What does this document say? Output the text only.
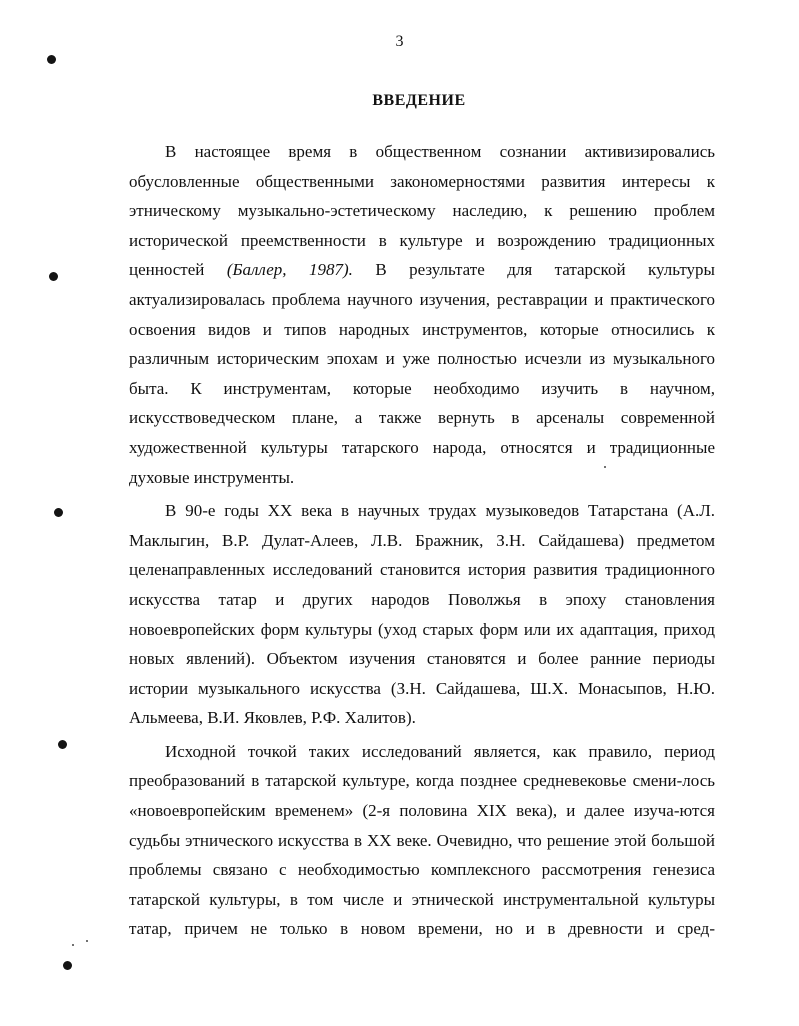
3
ВВЕДЕНИЕ

В настоящее время в общественном сознании активизировались обусловленные общественными закономерностями развития интересы к этническому музыкально-эстетическому наследию, к решению проблем исторической преемственности в культуре и возрождению традиционных ценностей (Баллер, 1987). В результате для татарской культуры актуализировалась проблема научного изучения, реставрации и практического освоения видов и типов народных инструментов, которые относились к различным историческим эпохам и уже полностью исчезли из музыкального быта. К инструментам, которые необходимо изучить в научном, искусствоведческом плане, а также вернуть в арсеналы современной художественной культуры татарского народа, относятся и традиционные духовые инструменты.

В 90-е годы XX века в научных трудах музыковедов Татарстана (А.Л. Маклыгин, В.Р. Дулат-Алеев, Л.В. Бражник, З.Н. Сайдашева) предметом целенаправленных исследований становится история развития традиционного искусства татар и других народов Поволжья в эпоху становления новоевропейских форм культуры (уход старых форм или их адаптация, приход новых явлений). Объектом изучения становятся и более ранние периоды истории музыкального искусства (З.Н. Сайдашева, Ш.Х. Монасыпов, Н.Ю. Альмеева, В.И. Яковлев, Р.Ф. Халитов).

Исходной точкой таких исследований является, как правило, период преобразований в татарской культуре, когда позднее средневековье смени-лось «новоевропейским временем» (2-я половина XIX века), и далее изуча-ются судьбы этнического искусства в XX веке. Очевидно, что решение этой большой проблемы связано с необходимостью комплексного рассмотрения генезиса татарской культуры, в том числе и этнической инструментальной культуры татар, причем не только в новом времени, но и в древности и сред-
